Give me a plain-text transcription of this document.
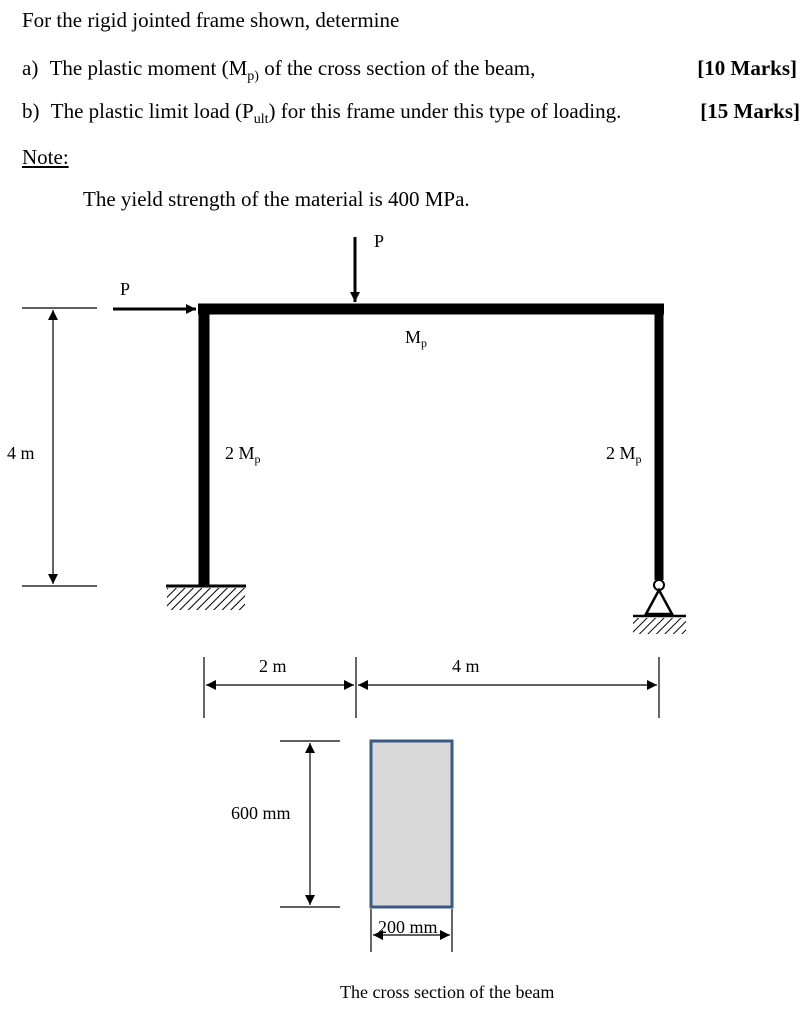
For the rigid jointed frame shown, determine
a) The plastic moment ($M_{p)}$ of the cross section of the beam,	[10 Marks]
b) The plastic limit load $(P_{ult})$ for this frame under this type of loading.	[15 Marks]
Note:
The yield strength of the material is 400 MPa.
P
P
$M_p$
2 $M_p$	2 $M_p$
4 m
2 m	4 m
600 mm
200 mm
The cross section of the beam
